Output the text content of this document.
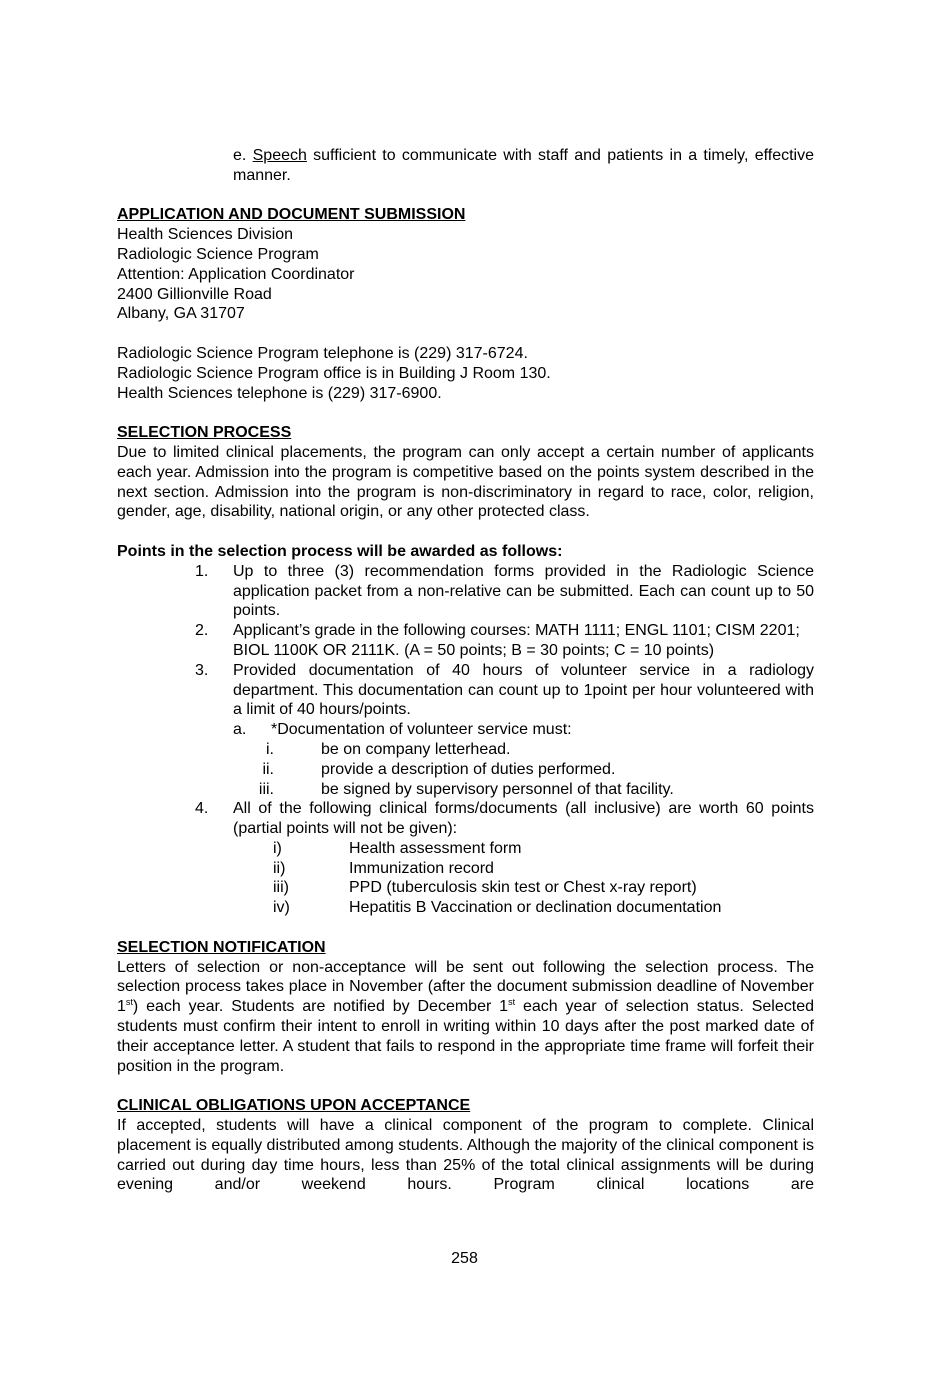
e. Speech sufficient to communicate with staff and patients in a timely, effective manner.

APPLICATION AND DOCUMENT SUBMISSION

Health Sciences Division

Radiologic Science Program

Attention: Application Coordinator

2400 Gillionville Road

Albany, GA 31707

Radiologic Science Program telephone is (229) 317-6724.

Radiologic Science Program office is in Building J Room 130.

Health Sciences telephone is (229) 317-6900.

SELECTION PROCESS

Due to limited clinical placements, the program can only accept a certain number of applicants each year. Admission into the program is competitive based on the points system described in the next section. Admission into the program is non-discriminatory in regard to race, color, religion, gender, age, disability, national origin, or any other protected class.

Points in the selection process will be awarded as follows:

1.	Up to three (3) recommendation forms provided in the Radiologic Science application packet from a non-relative can be submitted. Each can count up to 50 points.
2.	Applicant’s grade in the following courses: MATH 1111; ENGL 1101; CISM 2201; BIOL 1100K OR 2111K. (A = 50 points; B = 30 points; C = 10 points)
3.	Provided documentation of 40 hours of volunteer service in a radiology department. This documentation can count up to 1point per hour volunteered with a limit of 40 hours/points.
a.	*Documentation of volunteer service must:
i.	be on company letterhead.
ii.	provide a description of duties performed.
iii.	be signed by supervisory personnel of that facility.
4.	All of the following clinical forms/documents (all inclusive) are worth 60 points (partial points will not be given):
i)	Health assessment form
ii)	Immunization record
iii)	PPD (tuberculosis skin test or Chest x-ray report)
iv)	Hepatitis B Vaccination or declination documentation

SELECTION NOTIFICATION

Letters of selection or non-acceptance will be sent out following the selection process. The selection process takes place in November (after the document submission deadline of November 1st) each year. Students are notified by December 1st each year of selection status. Selected students must confirm their intent to enroll in writing within 10 days after the post marked date of their acceptance letter. A student that fails to respond in the appropriate time frame will forfeit their position in the program.

CLINICAL OBLIGATIONS UPON ACCEPTANCE

If accepted, students will have a clinical component of the program to complete. Clinical placement is equally distributed among students. Although the majority of the clinical component is carried out during day time hours, less than 25% of the total clinical assignments will be during evening and/or weekend hours. Program clinical locations are

258
